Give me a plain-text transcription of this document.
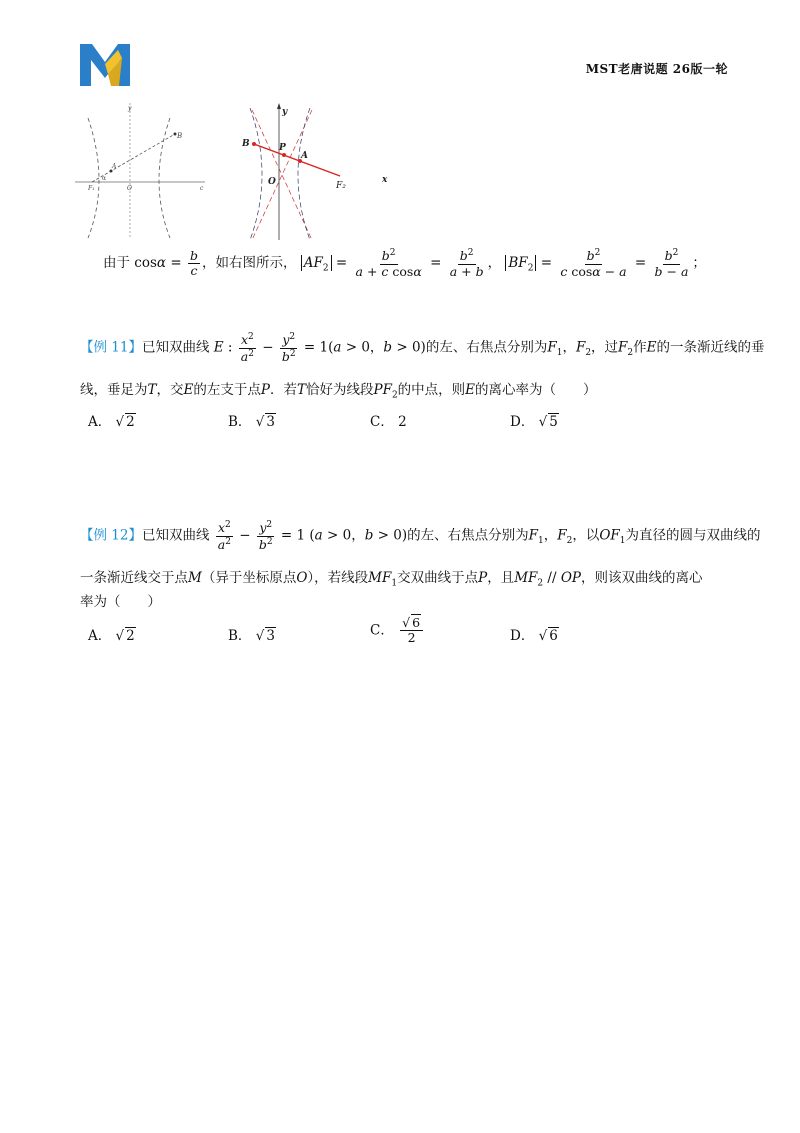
MST老唐说题 26版一轮
B
A
α
F₁	O	c
y
B	P
A
O	F₂
y
x
由于 $\cos\alpha = \frac{b}{c}$ ，如右图所示， $AF_2 = \frac{b^2}{\text{a + c cosα}} = \frac{b^2}{a + b}$ ， $BF_2 = \frac{b^2}{\text{c cosα − a}} = \frac{b^2}{b - a}$ ；
【例 11】已知双曲线 E : $\frac{x^2}{a^2} - \frac{y^2}{b^2} = 1(a > 0$，b > 0)的左、右焦点分别为$F_1$，$F_2$，过$F_2$作E的一条渐近线的垂
线，垂足为T，交E的左支于点P．若T恰好为线段$PF_2$的中点，则E的离心率为（　　）
A． √ 2	B． √ 3	C． 2	D． √ 5
【例 12】已知双曲线 $\frac{x^2}{a^2} - \frac{y^2}{b^2} = 1$ (a > 0，b > 0)的左、右焦点分别为$F_1$，$F_2$，以$OF_1$为直径的圆与双曲线的
一条渐近线交于点M（异于坐标原点O），若线段$MF_1$交双曲线于点P，且$MF_2$ // OP，则该双曲线的离心
率为（　　）
A． √ 2	B． √ 3	C． $\frac{√ 6}{2}$	D． √ 6
